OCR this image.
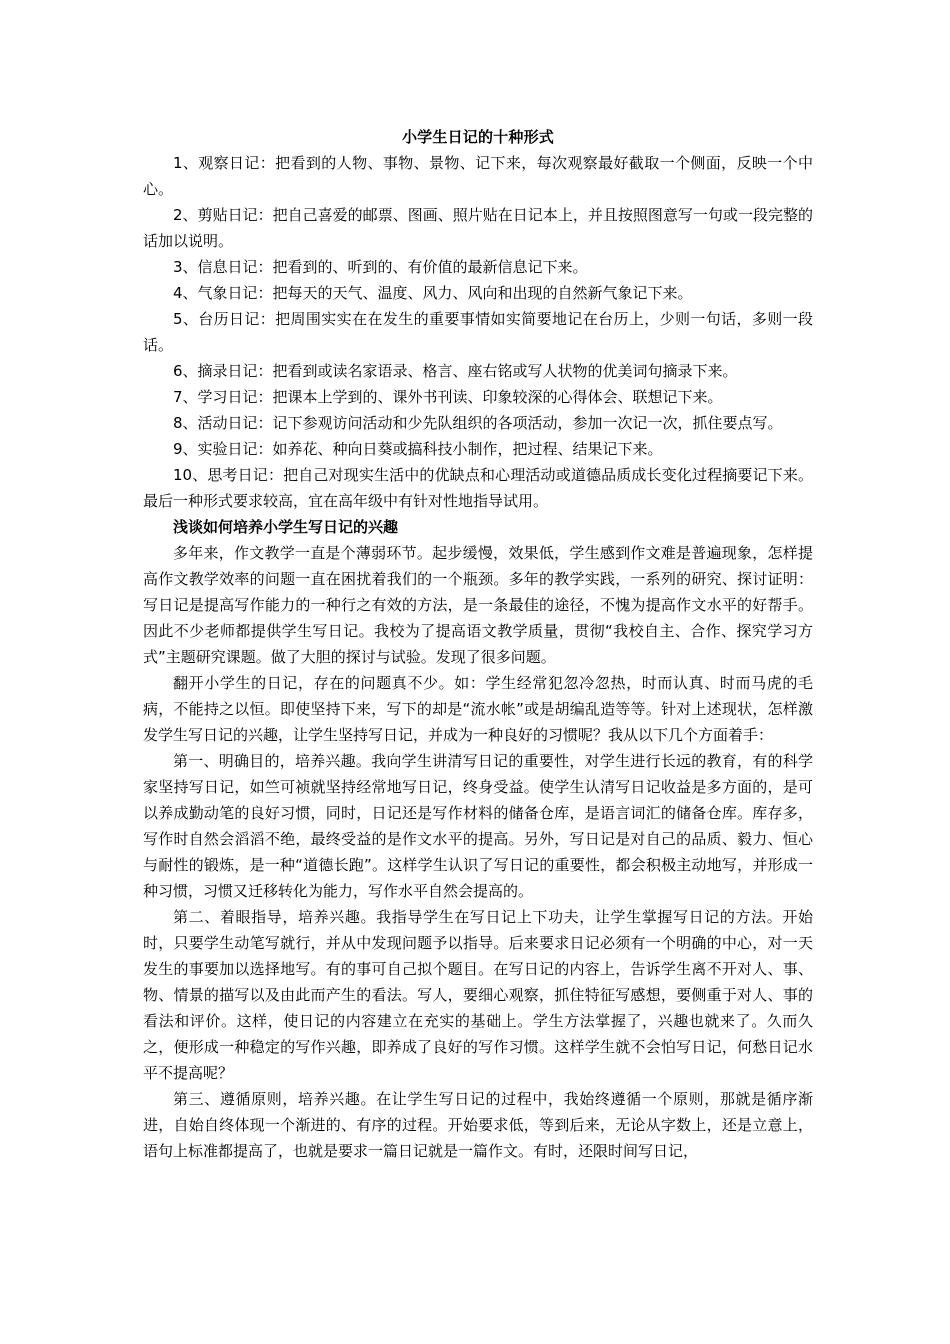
小学生日记的十种形式

1、观察日记：把看到的人物、事物、景物、记下来，每次观察最好截取一个侧面，反映一个中心。

2、剪贴日记：把自己喜爱的邮票、图画、照片贴在日记本上，并且按照图意写一句或一段完整的话加以说明。

3、信息日记：把看到的、听到的、有价值的最新信息记下来。

4、气象日记：把每天的天气、温度、风力、风向和出现的自然新气象记下来。

5、台历日记：把周围实实在在发生的重要事情如实简要地记在台历上，少则一句话，多则一段话。

6、摘录日记：把看到或读名家语录、格言、座右铭或写人状物的优美词句摘录下来。

7、学习日记：把课本上学到的、课外书刊读、印象较深的心得体会、联想记下来。

8、活动日记：记下参观访问活动和少先队组织的各项活动，参加一次记一次，抓住要点写。

9、实验日记：如养花、种向日葵或搞科技小制作，把过程、结果记下来。

10、思考日记：把自己对现实生活中的优缺点和心理活动或道德品质成长变化过程摘要记下来。最后一种形式要求较高，宜在高年级中有针对性地指导试用。

浅谈如何培养小学生写日记的兴趣

多年来，作文教学一直是个薄弱环节。起步缓慢，效果低，学生感到作文难是普遍现象，怎样提高作文教学效率的问题一直在困扰着我们的一个瓶颈。多年的教学实践，一系列的研究、探讨证明：写日记是提高写作能力的一种行之有效的方法，是一条最佳的途径，不愧为提高作文水平的好帮手。因此不少老师都提供学生写日记。我校为了提高语文教学质量，贯彻“我校自主、合作、探究学习方式”主题研究课题。做了大胆的探讨与试验。发现了很多问题。

翻开小学生的日记，存在的问题真不少。如：学生经常犯忽冷忽热，时而认真、时而马虎的毛病，不能持之以恒。即使坚持下来，写下的却是“流水帐”或是胡编乱造等等。针对上述现状，怎样激发学生写日记的兴趣，让学生坚持写日记，并成为一种良好的习惯呢？我从以下几个方面着手：

第一、明确目的，培养兴趣。我向学生讲清写日记的重要性，对学生进行长远的教育，有的科学家坚持写日记，如竺可祯就坚持经常地写日记，终身受益。使学生认清写日记收益是多方面的，是可以养成勤动笔的良好习惯，同时，日记还是写作材料的储备仓库，是语言词汇的储备仓库。库存多，写作时自然会滔滔不绝，最终受益的是作文水平的提高。另外，写日记是对自己的品质、毅力、恒心与耐性的锻炼，是一种“道德长跑”。这样学生认识了写日记的重要性，都会积极主动地写，并形成一种习惯，习惯又迁移转化为能力，写作水平自然会提高的。

第二、着眼指导，培养兴趣。我指导学生在写日记上下功夫，让学生掌握写日记的方法。开始时，只要学生动笔写就行，并从中发现问题予以指导。后来要求日记必须有一个明确的中心，对一天发生的事要加以选择地写。有的事可自己拟个题目。在写日记的内容上，告诉学生离不开对人、事、物、情景的描写以及由此而产生的看法。写人，要细心观察，抓住特征写感想，要侧重于对人、事的看法和评价。这样，使日记的内容建立在充实的基础上。学生方法掌握了，兴趣也就来了。久而久之，便形成一种稳定的写作兴趣，即养成了良好的写作习惯。这样学生就不会怕写日记，何愁日记水平不提高呢？

第三、遵循原则，培养兴趣。在让学生写日记的过程中，我始终遵循一个原则，那就是循序渐进，自始自终体现一个渐进的、有序的过程。开始要求低，等到后来，无论从字数上，还是立意上，语句上标准都提高了，也就是要求一篇日记就是一篇作文。有时，还限时间写日记，
